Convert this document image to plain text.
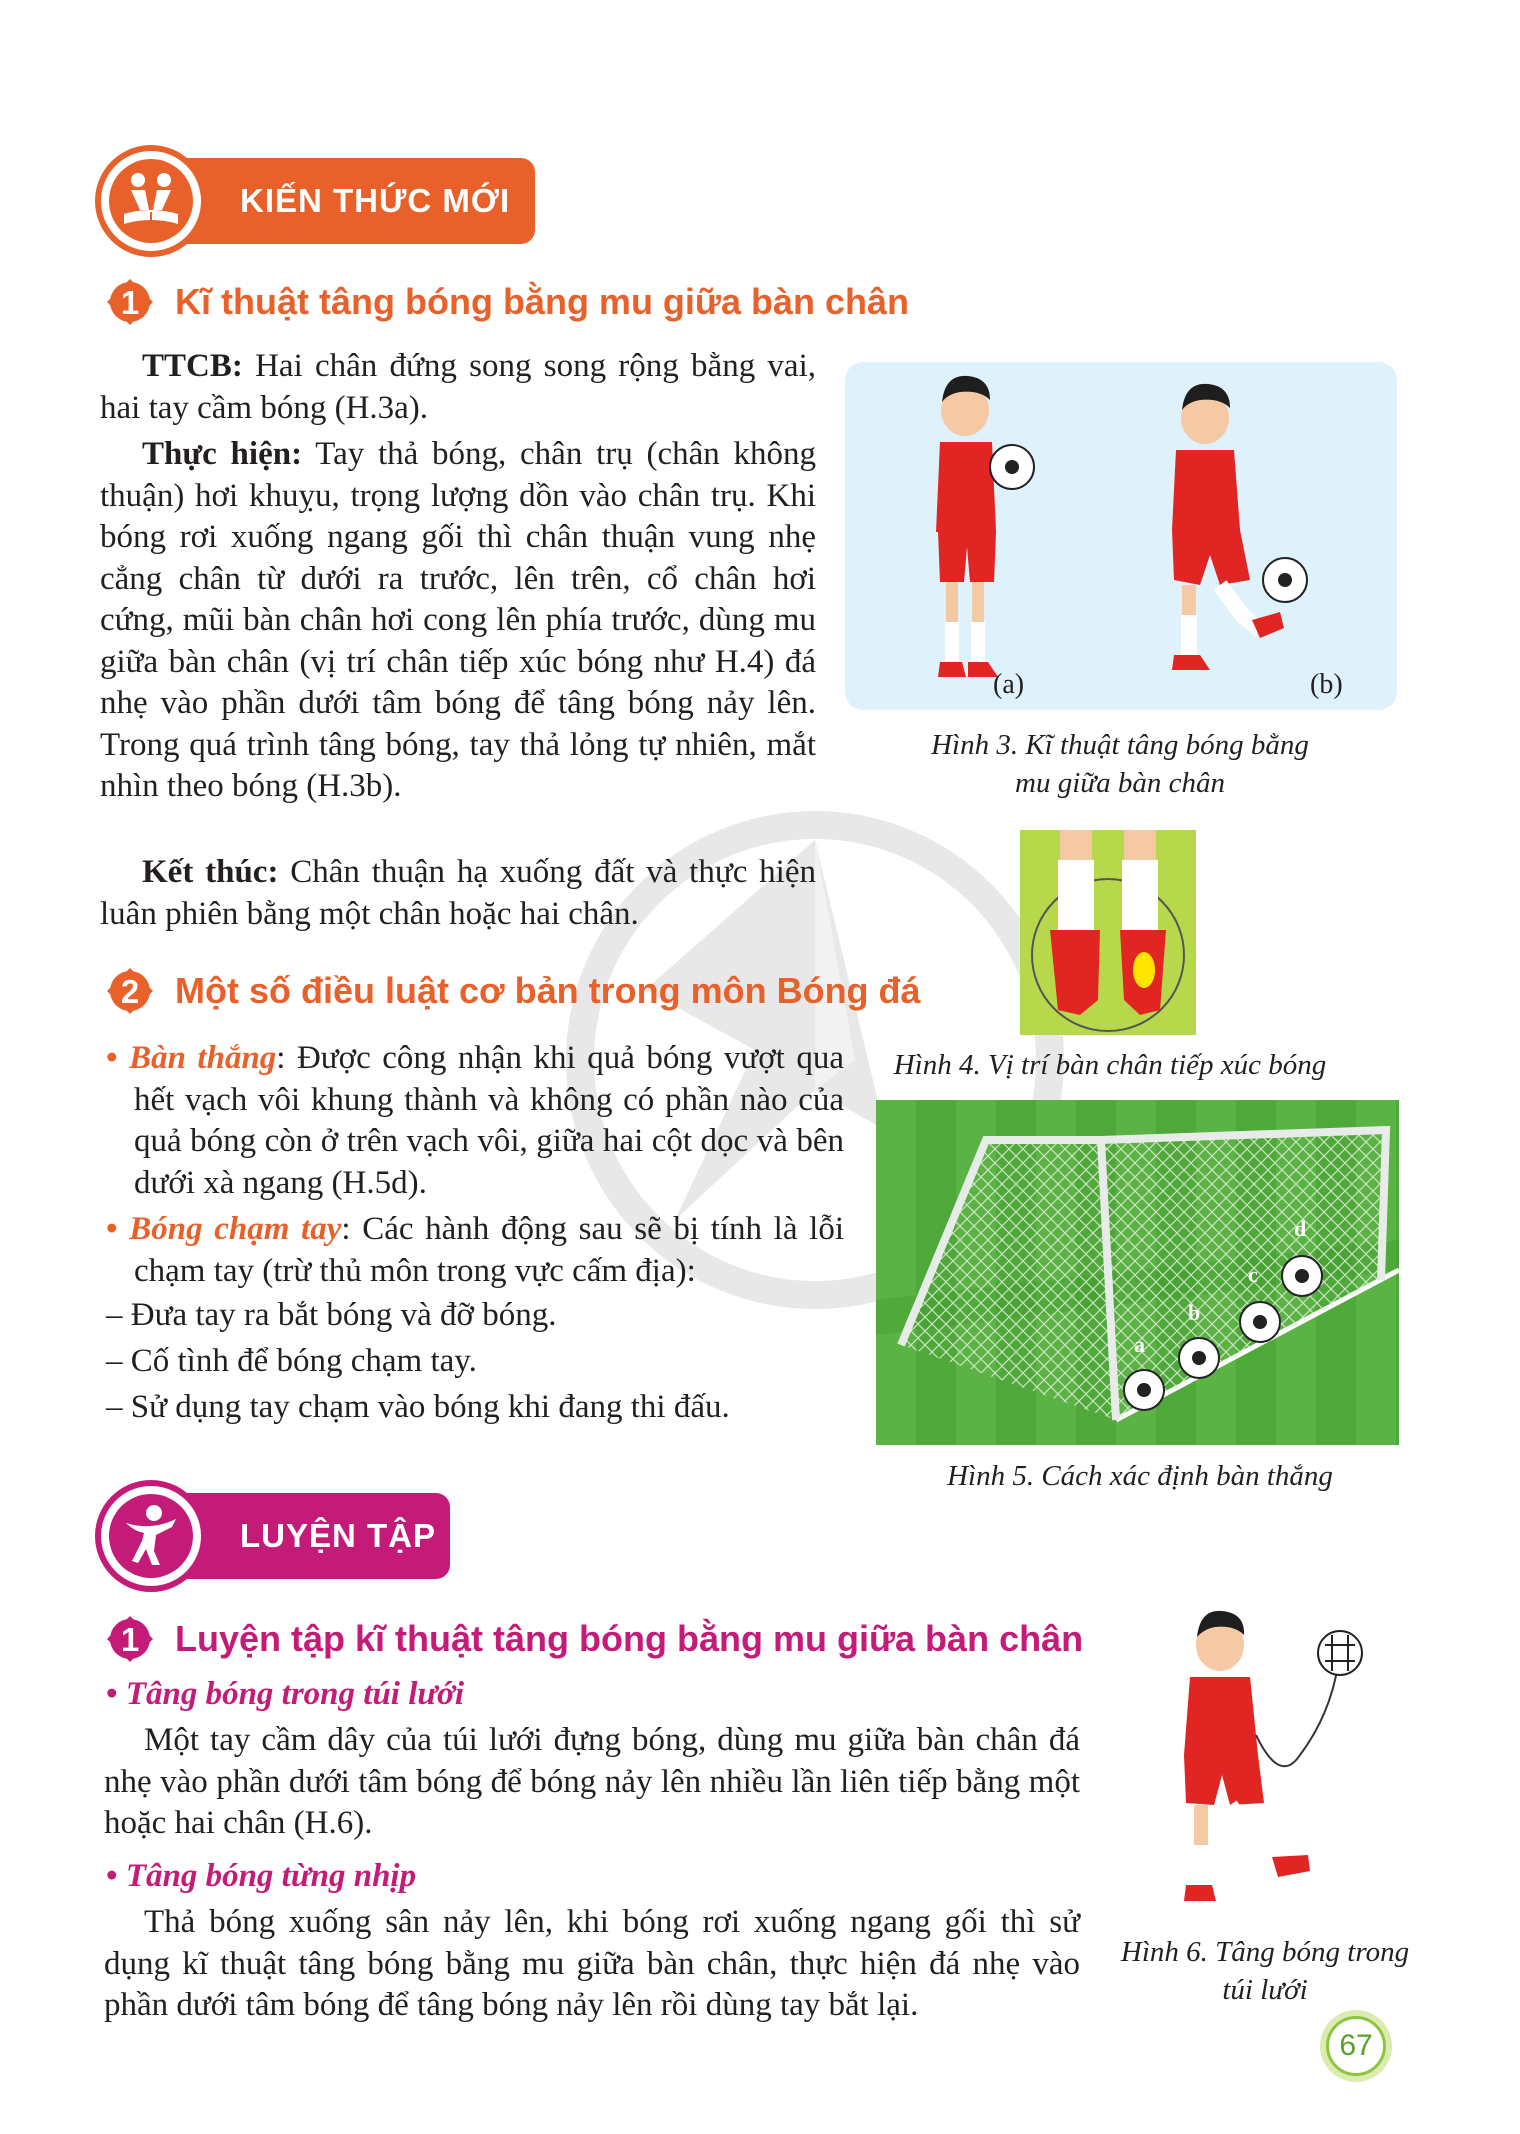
KIẾN THỨC MỚI
1 Kĩ thuật tâng bóng bằng mu giữa bàn chân
TTCB: Hai chân đứng song song rộng bằng vai, hai tay cầm bóng (H.3a).
Thực hiện: Tay thả bóng, chân trụ (chân không thuận) hơi khuỵu, trọng lượng dồn vào chân trụ. Khi bóng rơi xuống ngang gối thì chân thuận vung nhẹ cẳng chân từ dưới ra trước, lên trên, cổ chân hơi cứng, mũi bàn chân hơi cong lên phía trước, dùng mu giữa bàn chân (vị trí chân tiếp xúc bóng như H.4) đá nhẹ vào phần dưới tâm bóng để tâng bóng nảy lên. Trong quá trình tâng bóng, tay thả lỏng tự nhiên, mắt nhìn theo bóng (H.3b).
Kết thúc: Chân thuận hạ xuống đất và thực hiện luân phiên bằng một chân hoặc hai chân.
2 Một số điều luật cơ bản trong môn Bóng đá
• Bàn thắng: Được công nhận khi quả bóng vượt qua hết vạch vôi khung thành và không có phần nào của quả bóng còn ở trên vạch vôi, giữa hai cột dọc và bên dưới xà ngang (H.5d).
• Bóng chạm tay: Các hành động sau sẽ bị tính là lỗi chạm tay (trừ thủ môn trong vực cấm địa):
– Đưa tay ra bắt bóng và đỡ bóng.
– Cố tình để bóng chạm tay.
– Sử dụng tay chạm vào bóng khi đang thi đấu.
(a)	(b)
Hình 3. Kĩ thuật tâng bóng bằng
mu giữa bàn chân
Hình 4. Vị trí bàn chân tiếp xúc bóng
a
b
c
d
Hình 5. Cách xác định bàn thắng
LUYỆN TẬP
1 Luyện tập kĩ thuật tâng bóng bằng mu giữa bàn chân
• Tâng bóng trong túi lưới
Một tay cầm dây của túi lưới đựng bóng, dùng mu giữa bàn chân đá nhẹ vào phần dưới tâm bóng để bóng nảy lên nhiều lần liên tiếp bằng một hoặc hai chân (H.6).
• Tâng bóng từng nhịp
Thả bóng xuống sân nảy lên, khi bóng rơi xuống ngang gối thì sử dụng kĩ thuật tâng bóng bằng mu giữa bàn chân, thực hiện đá nhẹ vào phần dưới tâm bóng để tâng bóng nảy lên rồi dùng tay bắt lại.
Hình 6. Tâng bóng trong
túi lưới
67
